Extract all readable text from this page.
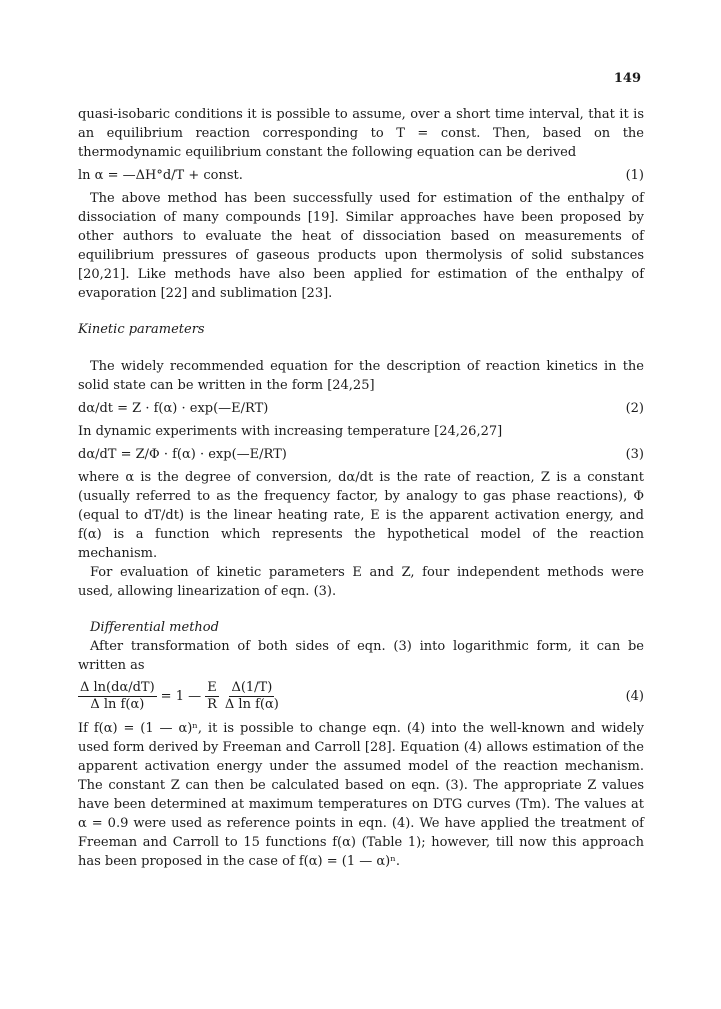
149

quasi-isobaric conditions it is possible to assume, over a short time interval, that it is an equilibrium reaction corresponding to T = const. Then, based on the thermodynamic equilibrium constant the following equation can be derived

ln α = —ΔH°d/T + const.	(1)

The above method has been successfully used for estimation of the enthalpy of dissociation of many compounds [19]. Similar approaches have been proposed by other authors to evaluate the heat of dissociation based on measurements of equilibrium pressures of gaseous products upon thermolysis of solid substances [20,21]. Like methods have also been applied for estimation of the enthalpy of evaporation [22] and sublimation [23].

Kinetic parameters

The widely recommended equation for the description of reaction kinetics in the solid state can be written in the form [24,25]

dα/dt = Z · f(α) · exp(—E/RT)	(2)

In dynamic experiments with increasing temperature [24,26,27]

dα/dT = Z/Φ · f(α) · exp(—E/RT)	(3)

where α is the degree of conversion, dα/dt is the rate of reaction, Z is a constant (usually referred to as the frequency factor, by analogy to gas phase reactions), Φ (equal to dT/dt) is the linear heating rate, E is the apparent activation energy, and f(α) is a function which represents the hypothetical model of the reaction mechanism.

For evaluation of kinetic parameters E and Z, four independent methods were used, allowing linearization of eqn. (3).

Differential method

After transformation of both sides of eqn. (3) into logarithmic form, it can be written as

$\frac{\text{Δ ln(dα/dT)}}{\text{Δ ln f(α)}} = 1$ — $\frac{E}{R} \frac{\Delta(1/T)}{\text{Δ ln f(α)}}$	(4)

If f(α) = (1 — α)ⁿ, it is possible to change eqn. (4) into the well-known and widely used form derived by Freeman and Carroll [28]. Equation (4) allows estimation of the apparent activation energy under the assumed model of the reaction mechanism. The constant Z can then be calculated based on eqn. (3). The appropriate Z values have been determined at maximum temperatures on DTG curves (Tm). The values at α = 0.9 were used as reference points in eqn. (4). We have applied the treatment of Freeman and Carroll to 15 functions f(α) (Table 1); however, till now this approach has been proposed in the case of f(α) = (1 — α)ⁿ.
